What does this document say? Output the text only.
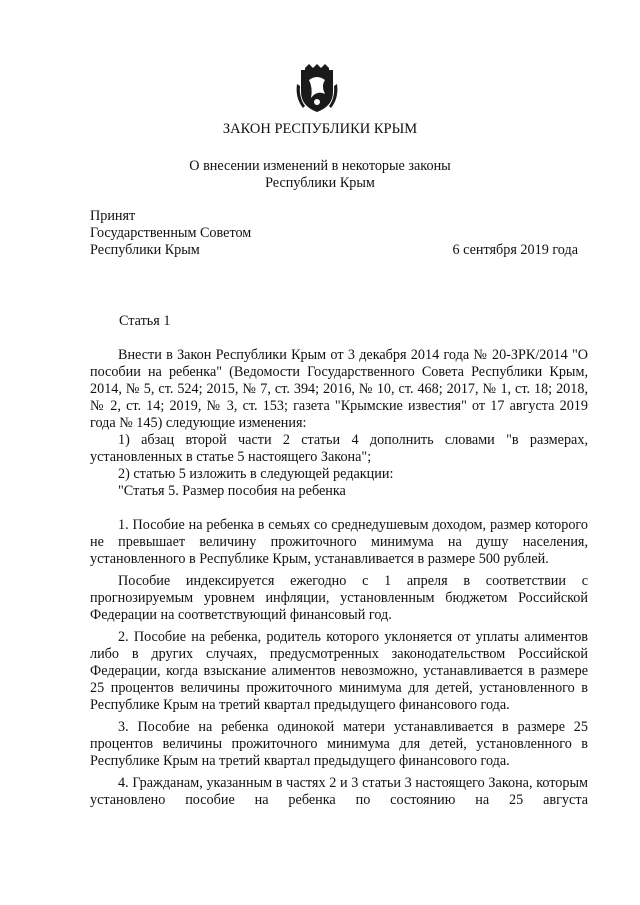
ЗАКОН РЕСПУБЛИКИ КРЫМ
О внесении изменений в некоторые законы
Республики Крым
Принят
Государственным Советом
Республики Крым	6 сентября 2019 года
Статья 1

Внести в Закон Республики Крым от 3 декабря 2014 года № 20-ЗРК/2014 "О пособии на ребенка" (Ведомости Государственного Совета Республики Крым, 2014, № 5, ст. 524; 2015, № 7, ст. 394; 2016, № 10, ст. 468; 2017, № 1, ст. 18; 2018, № 2, ст. 14; 2019, № 3, ст. 153; газета "Крымские известия" от 17 августа 2019 года № 145) следующие изменения:

1) абзац второй части 2 статьи 4 дополнить словами "в размерах, установленных в статье 5 настоящего Закона";

2) статью 5 изложить в следующей редакции:

"Статья 5. Размер пособия на ребенка

1. Пособие на ребенка в семьях со среднедушевым доходом, размер которого не превышает величину прожиточного минимума на душу населения, установленного в Республике Крым, устанавливается в размере 500 рублей.

Пособие индексируется ежегодно с 1 апреля в соответствии с прогнозируемым уровнем инфляции, установленным бюджетом Российской Федерации на соответствующий финансовый год.

2. Пособие на ребенка, родитель которого уклоняется от уплаты алиментов либо в других случаях, предусмотренных законодательством Российской Федерации, когда взыскание алиментов невозможно, устанавливается в размере 25 процентов величины прожиточного минимума для детей, установленного в Республике Крым на третий квартал предыдущего финансового года.

3. Пособие на ребенка одинокой матери устанавливается в размере 25 процентов величины прожиточного минимума для детей, установленного в Республике Крым на третий квартал предыдущего финансового года.

4. Гражданам, указанным в частях 2 и 3 статьи 3 настоящего Закона, которым установлено пособие на ребенка по состоянию на 25 августа
